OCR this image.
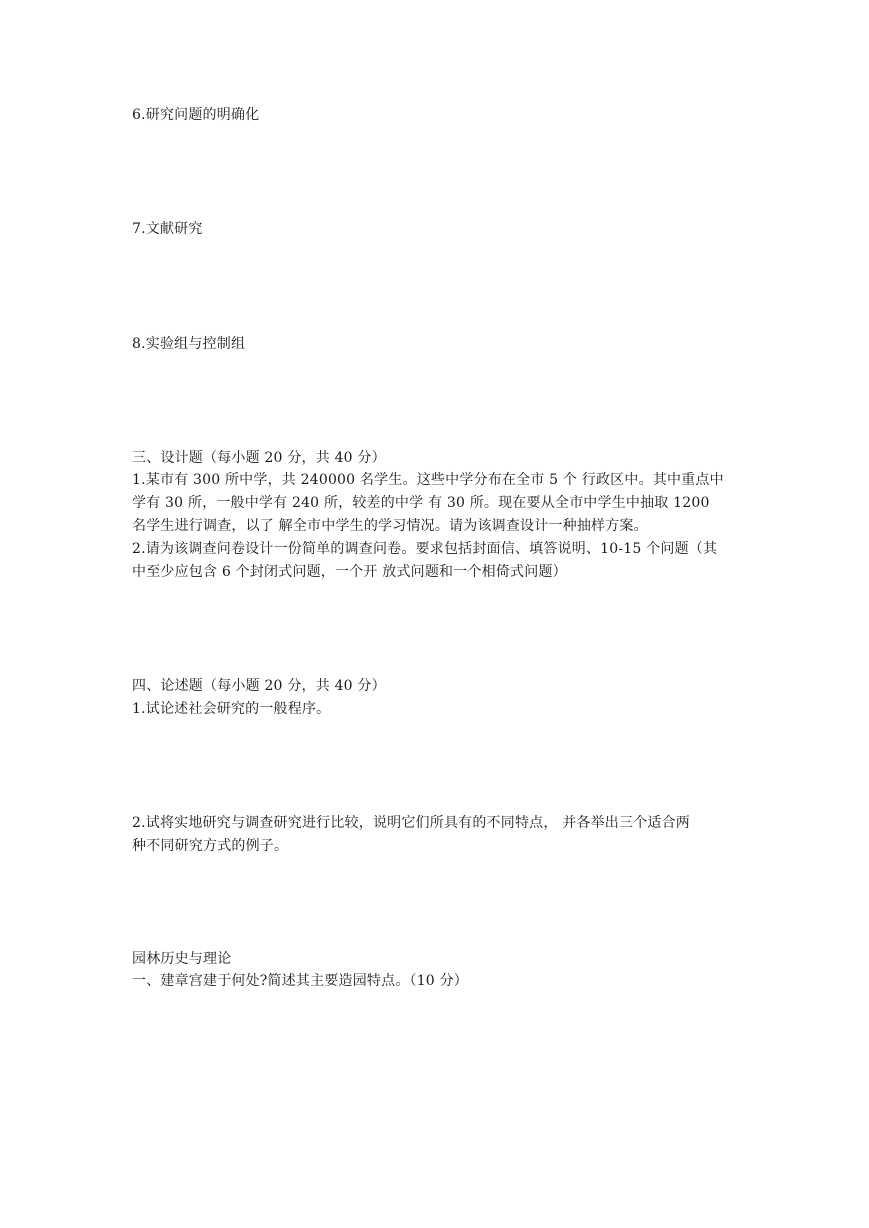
6.研究问题的明确化
7.文献研究
8.实验组与控制组
三、设计题（每小题 20 分，共 40 分）
1.某市有 300 所中学，共 240000 名学生。这些中学分布在全市 5 个 行政区中。其中重点中
学有 30 所，一般中学有 240 所，较差的中学 有 30 所。现在要从全市中学生中抽取 1200
名学生进行调查，以了 解全市中学生的学习情况。请为该调查设计一种抽样方案。
2.请为该调查问卷设计一份简单的调查问卷。要求包括封面信、填答说明、10-15 个问题（其
中至少应包含 6 个封闭式问题，一个开 放式问题和一个相倚式问题）
四、论述题（每小题 20 分，共 40 分）
1.试论述社会研究的一般程序。
2.试将实地研究与调查研究进行比较，说明它们所具有的不同特点， 并各举出三个适合两
种不同研究方式的例子。
园林历史与理论
一、建章宫建于何处?简述其主要造园特点。（10 分）
